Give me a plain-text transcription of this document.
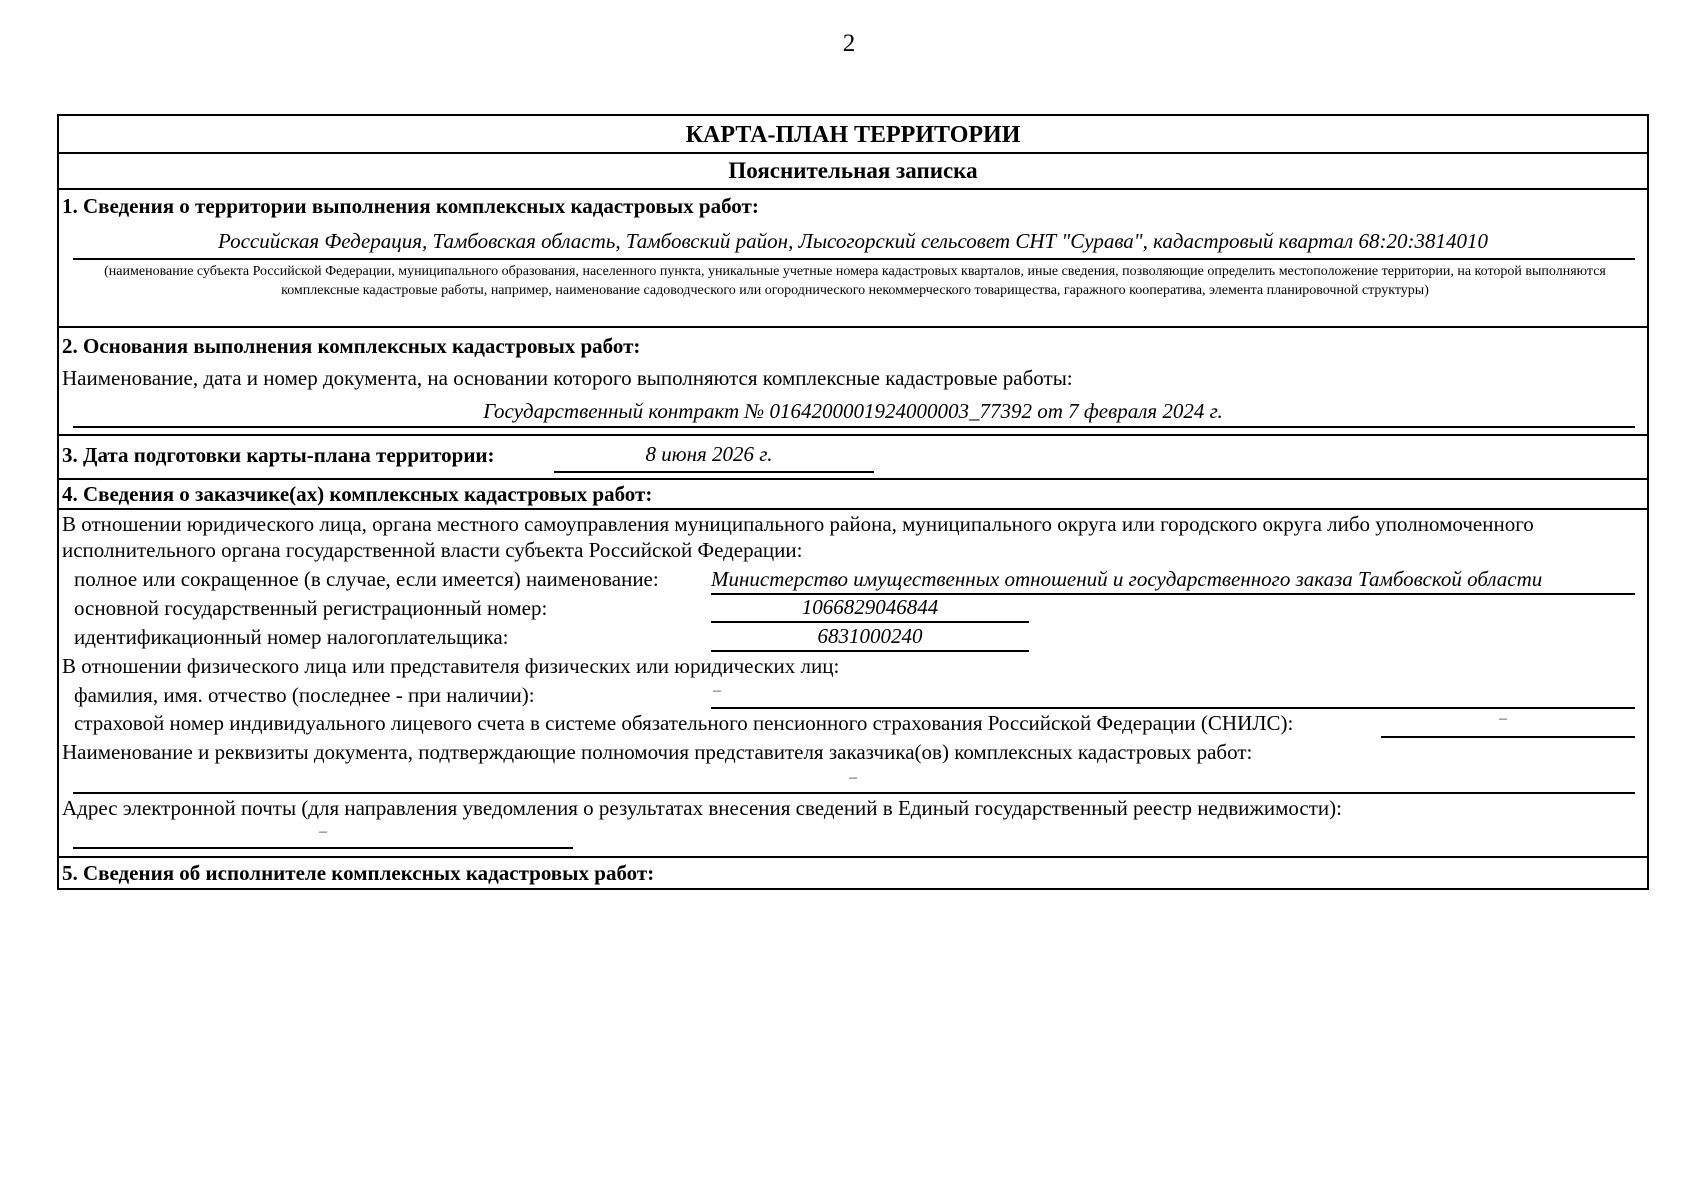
2
КАРТА-ПЛАН ТЕРРИТОРИИ
Пояснительная записка
1. Сведения о территории выполнения комплексных кадастровых работ:
Российская Федерация, Тамбовская область, Тамбовский район, Лысогорский сельсовет СНТ "Сурава", кадастровый квартал 68:20:3814010
(наименование субъекта Российской Федерации, муниципального образования, населенного пункта, уникальные учетные номера кадастровых кварталов, иные сведения, позволяющие определить местоположение территории, на которой выполняются комплексные кадастровые работы, например, наименование садоводческого или огороднического некоммерческого товарищества, гаражного кооператива, элемента планировочной структуры)
2. Основания выполнения комплексных кадастровых работ:
Наименование, дата и номер документа, на основании которого выполняются комплексные кадастровые работы:
Государственный контракт № 0164200001924000003_77392 от 7 февраля 2024 г.
3. Дата подготовки карты-плана территории:	8 июня 2026 г.
4. Сведения о заказчике(ах) комплексных кадастровых работ:
В отношении юридического лица, органа местного самоуправления муниципального района, муниципального округа или городского округа либо уполномоченного
исполнительного органа государственной власти субъекта Российской Федерации:
полное или сокращенное (в случае, если имеется) наименование: Министерство имущественных отношений и государственного заказа Тамбовской области
основной государственный регистрационный номер:	1066829046844
идентификационный номер налогоплательщика:	6831000240
В отношении физического лица или представителя физических или юридических лиц:
фамилия, имя. отчество (последнее - при наличии):	–
страховой номер индивидуального лицевого счета в системе обязательного пенсионного страхования Российской Федерации (СНИЛС):	–
Наименование и реквизиты документа, подтверждающие полномочия представителя заказчика(ов) комплексных кадастровых работ:
–
Адрес электронной почты (для направления уведомления о результатах внесения сведений в Единый государственный реестр недвижимости):
–
5. Сведения об исполнителе комплексных кадастровых работ:
